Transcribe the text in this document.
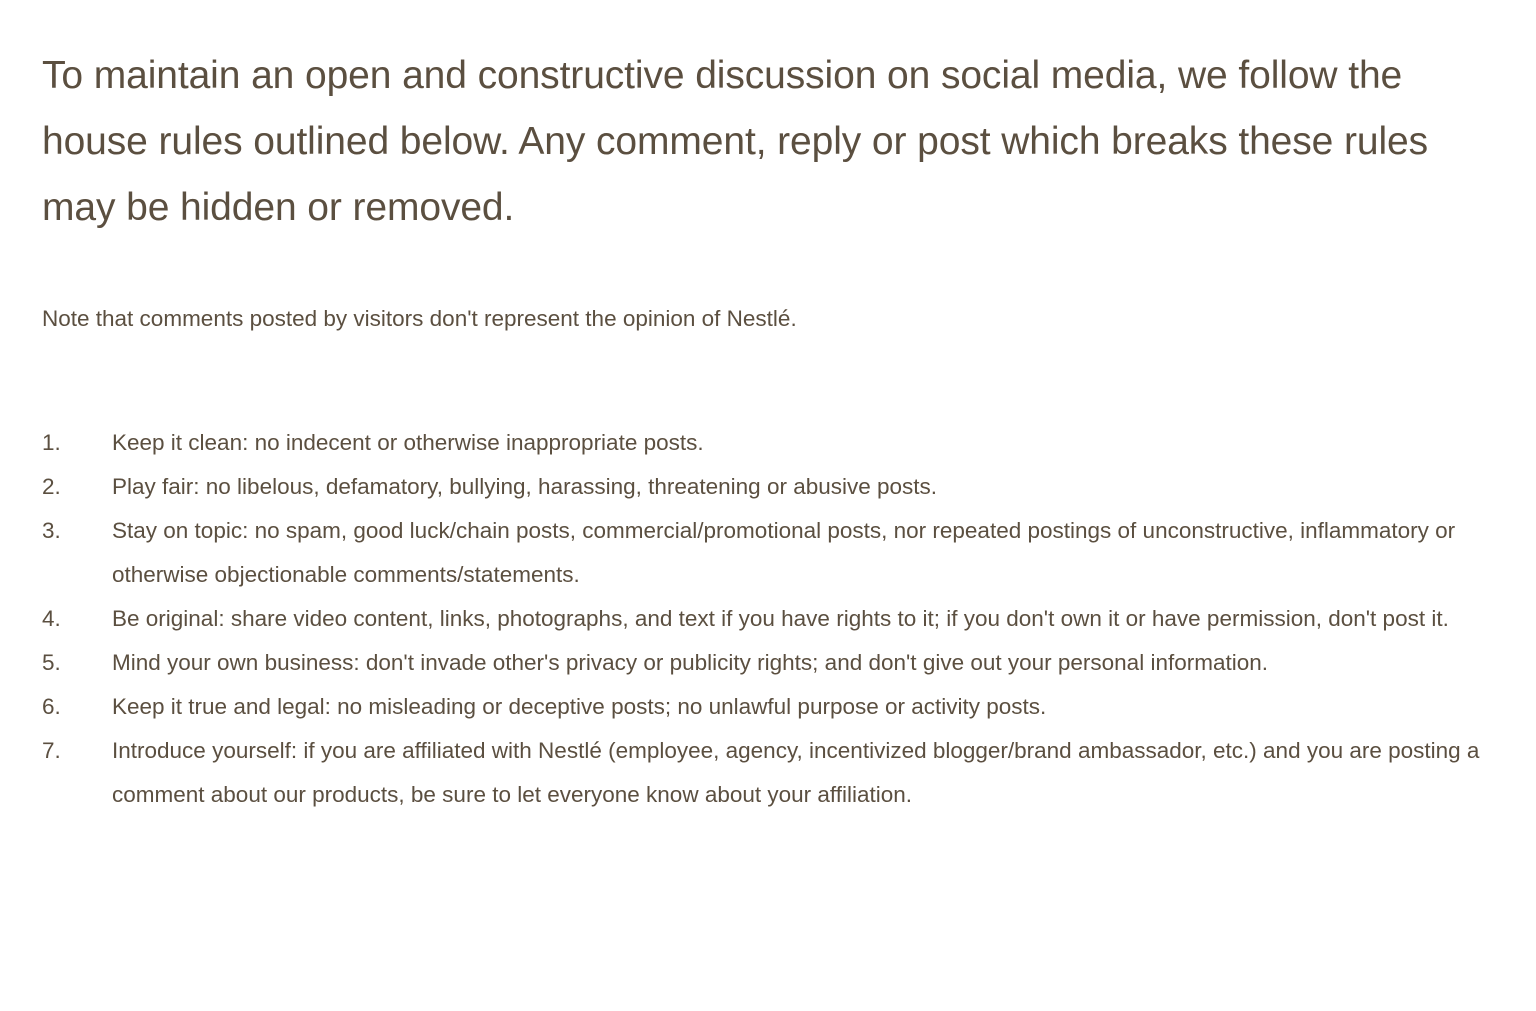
To maintain an open and constructive discussion on social media, we follow the house rules outlined below. Any comment, reply or post which breaks these rules may be hidden or removed.

Note that comments posted by visitors don't represent the opinion of Nestlé.

1.	Keep it clean: no indecent or otherwise inappropriate posts.
2.	Play fair: no libelous, defamatory, bullying, harassing, threatening or abusive posts.
3.	Stay on topic: no spam, good luck/chain posts, commercial/promotional posts, nor repeated postings of unconstructive, inflammatory or otherwise objectionable comments/statements.
4.	Be original: share video content, links, photographs, and text if you have rights to it; if you don't own it or have permission, don't post it.
5.	Mind your own business: don't invade other's privacy or publicity rights; and don't give out your personal information.
6.	Keep it true and legal: no misleading or deceptive posts; no unlawful purpose or activity posts.
7.	Introduce yourself: if you are affiliated with Nestlé (employee, agency, incentivized blogger/brand ambassador, etc.) and you are posting a comment about our products, be sure to let everyone know about your affiliation.
